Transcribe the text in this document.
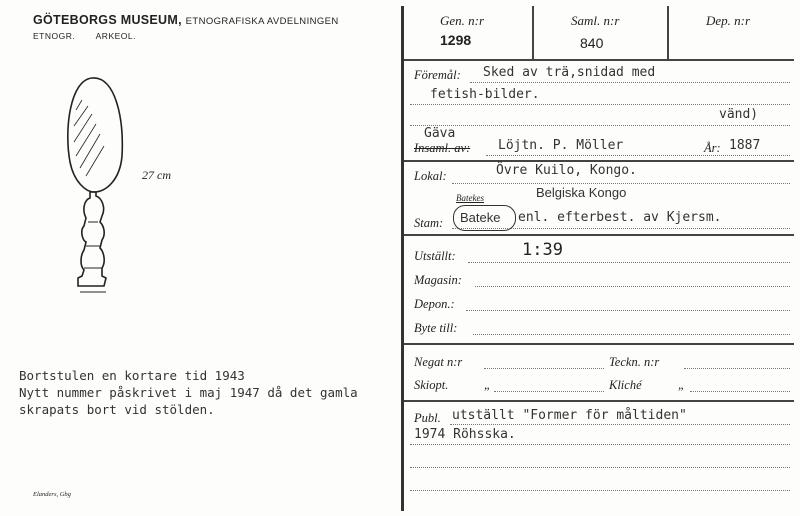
GÖTEBORGS MUSEUM, ETNOGRAFISKA AVDELNINGEN
ETNOGR. ARKEOL.
27 cm
Bortstulen en kortare tid 1943
Nytt nummer påskrivet i maj 1947 då det gamla
skrapats bort vid stölden.
Elanders, Gbg
Gen. n:r
1298
Saml. n:r
840
Dep. n:r
Föremål: Sked av trä,snidad med
fetish-bilder.
vänd)
Gäva
Insaml. av: Löjtn. P. Möller	År: 1887
Lokal:	Övre Kuilo, Kongo.
Belgiska Kongo
Batekes
Stam: Bateke enl. efterbest. av Kjersm.
Utställt:	1:39
Magasin:
Depon.:
Byte till:
Negat n:r	Teckn. n:r
Skiopt.	„	Kliché	„
Publ. utställt "Former för måltiden"
1974 Röhsska.
